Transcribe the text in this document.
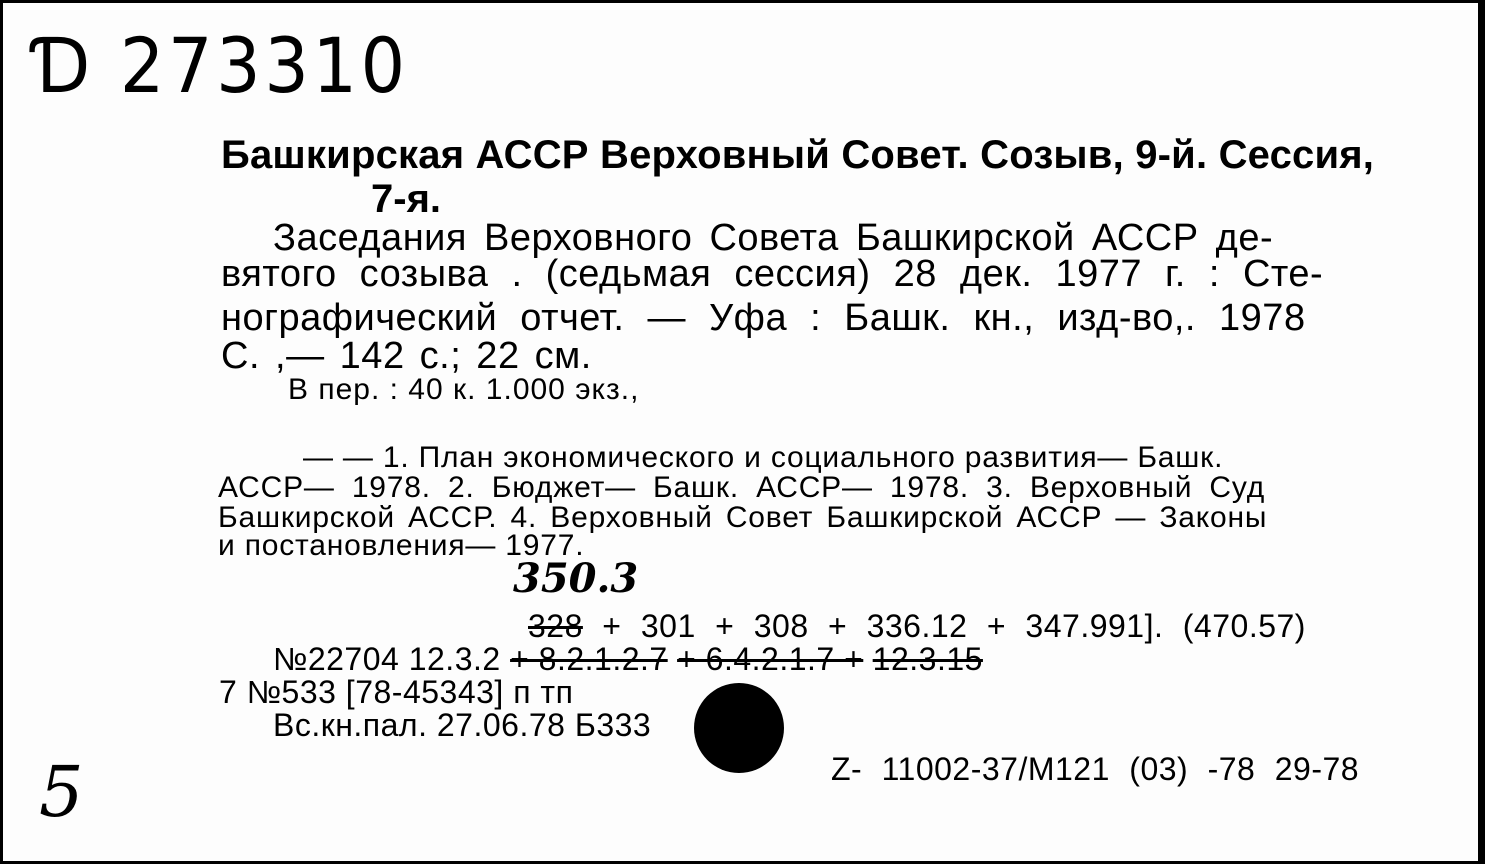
Ɗ 273310
Башкирская АССР Верховный Совет. Созыв, 9-й. Сессия,
7-я.
Заседания Верховного Совета Башкирской АССР де-
вятого созыва . (седьмая сессия) 28 дек. 1977 г. : Сте-
нографический отчет. — Уфа : Башк. кн., изд-во,. 1978
С. ,— 142 с.; 22 см.
В пер. : 40 к. 1.000 экз.,
— — 1. План экономического и социального развития— Башк.
АССР— 1978. 2. Бюджет— Башк. АССР— 1978. 3. Верховный Суд
Башкирской АССР. 4. Верховный Совет Башкирской АССР — Законы
и постановления— 1977.
350.3
328 + 301 + 308 + 336.12 + 347.991]. (470.57)
№22704 12.3.2 + 8.2.1.2.7 + 6.4.2.1.7 + 12.3.15
7 №533 [78-45343] п тп
Вс.кн.пал. 27.06.78 Б333
Z- 11002-37/М121 (03) -78 29-78
5
